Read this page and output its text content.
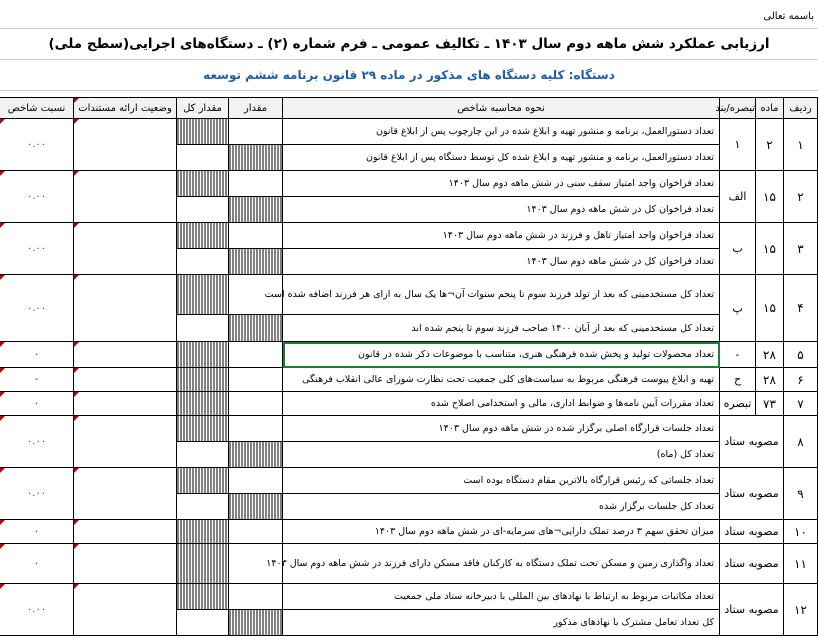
باسمه تعالی
ارزیابی عملکرد شش ماهه دوم سال ۱۴۰۳ ـ تکالیف عمومی ـ فرم شماره (۲) ـ دستگاه‌های اجرایی(سطح ملی)
دستگاه: کلیه دستگاه های مذکور در ماده ۲۹ قانون برنامه ششم توسعه
ردیف	ماده	تبصره/بند	نحوه محاسبه شاخص	مقدار	مقدار کل	وضعیت ارائه مستندات	نسبت شاخص
۱	۲	۱	تعداد دستورالعمل، برنامه و منشور تهیه و ابلاغ شده در این چارچوب پس از ابلاغ قانون				۰.۰۰
			تعداد دستورالعمل، برنامه و منشور تهیه و ابلاغ شده کل توسط دستگاه پس از ابلاغ قانون				
۲	۱۵	الف	تعداد فراخوان واجد امتیاز سقف سنی در شش ماهه دوم سال ۱۴۰۳				۰.۰۰
			تعداد فراخوان کل در شش ماهه دوم سال ۱۴۰۳				
۳	۱۵	ب	تعداد فراخوان واجد امتیاز تاهل و فرزند در شش ماهه دوم سال ۱۴۰۳				۰.۰۰
			تعداد فراخوان کل در شش ماهه دوم سال ۱۴۰۳				
۴	۱۵	پ	تعداد کل مستخدمینی که بعد از تولد فرزند سوم تا پنجم سنوات آن¬ها یک سال به ازای هر فرزند اضافه شده است				۰.۰۰
			تعداد کل مستخدمینی که بعد از آبان ۱۴۰۰ صاحب فرزند سوم تا پنجم شده اند				
۵	۲۸	-	تعداد محصولات تولید و پخش شده فرهنگی هنری، متناسب با موضوعات ذکر شده در قانون				۰
۶	۲۸	ح	تهیه و ابلاغ پیوست فرهنگی مربوط به سیاست‌های کلی جمعیت تحت نظارت شورای عالی انقلاب فرهنگی				-
۷	۷۳	تبصره	تعداد مقررات آیین نامه‌ها و ضوابط اداری، مالی و استخدامی اصلاح شده				۰
۸	مصوبه ستاد		تعداد جلسات قرارگاه اصلی برگزار شده در شش ماهه دوم سال ۱۴۰۳				۰.۰۰
			تعداد کل (ماه)				
۹	مصوبه ستاد		تعداد جلساتی که رئیس قرارگاه بالاترین مقام دستگاه بوده است				۰.۰۰
			تعداد کل جلسات برگزار شده				
۱۰	مصوبه ستاد		میزان تحقق سهم ۳ درصد تملک دارایی¬های سرمایه-ای در شش ماهه دوم سال ۱۴۰۳				۰
۱۱	مصوبه ستاد		تعداد واگذاری زمین و مسکن تحت تملک دستگاه به کارکنان فاقد مسکن دارای فرزند در شش ماهه دوم سال ۱۴۰۳				۰
۱۲	مصوبه ستاد		تعداد مکاتبات مربوط به ارتباط با نهادهای بین المللی با دبیرخانه ستاد ملی جمعیت				۰.۰۰
			کل تعداد تعامل مشترک با نهادهای مذکور				
